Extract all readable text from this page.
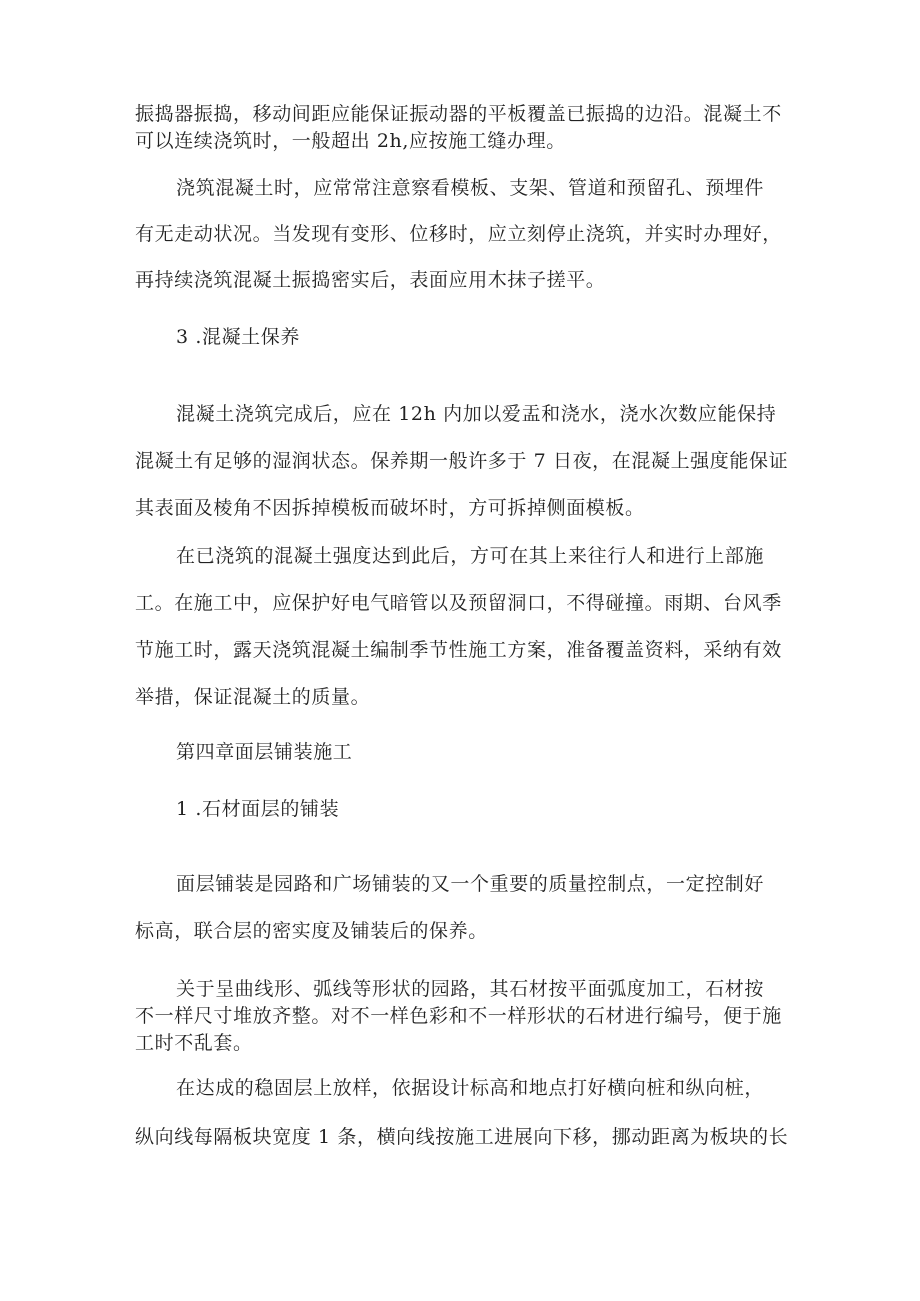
振捣器振捣，移动间距应能保证振动器的平板覆盖已振捣的边沿。混凝土不
可以连续浇筑时，一般超出 2h,应按施工缝办理。
浇筑混凝土时，应常常注意察看模板、支架、管道和预留孔、预埋件
有无走动状况。当发现有变形、位移时，应立刻停止浇筑，并实时办理好，
再持续浇筑混凝土振捣密实后，表面应用木抹子搓平。
3 .混凝土保养
混凝土浇筑完成后，应在 12h 内加以爱盂和浇水，浇水次数应能保持
混凝土有足够的湿润状态。保养期一般许多于 7 日夜，在混凝上强度能保证
其表面及棱角不因拆掉模板而破坏时，方可拆掉侧面模板。
在已浇筑的混凝土强度达到此后，方可在其上来往行人和进行上部施
工。在施工中，应保护好电气暗管以及预留洞口，不得碰撞。雨期、台风季
节施工时，露天浇筑混凝土编制季节性施工方案，准备覆盖资料，采纳有效
举措，保证混凝土的质量。
第四章面层铺装施工
1 .石材面层的铺装
面层铺装是园路和广场铺装的又一个重要的质量控制点，一定控制好
标高，联合层的密实度及铺装后的保养。
关于呈曲线形、弧线等形状的园路，其石材按平面弧度加工，石材按
不一样尺寸堆放齐整。对不一样色彩和不一样形状的石材进行编号，便于施
工时不乱套。
在达成的稳固层上放样，依据设计标高和地点打好横向桩和纵向桩，
纵向线每隔板块宽度 1 条，横向线按施工进展向下移，挪动距离为板块的长
